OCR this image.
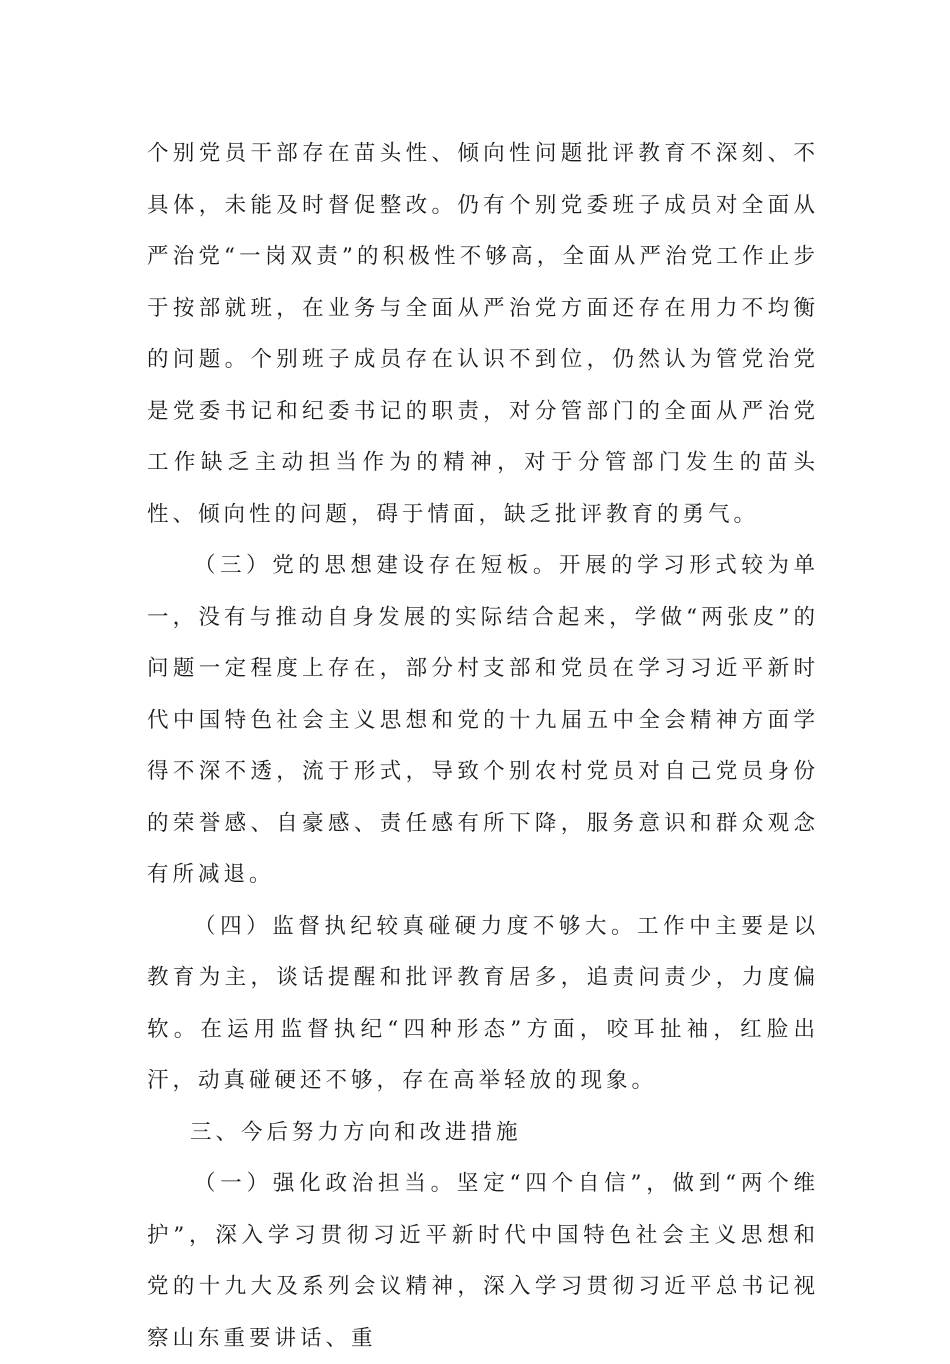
个别党员干部存在苗头性、倾向性问题批评教育不深刻、不具体，未能及时督促整改。仍有个别党委班子成员对全面从严治党“一岗双责”的积极性不够高，全面从严治党工作止步于按部就班，在业务与全面从严治党方面还存在用力不均衡的问题。个别班子成员存在认识不到位，仍然认为管党治党是党委书记和纪委书记的职责，对分管部门的全面从严治党工作缺乏主动担当作为的精神，对于分管部门发生的苗头性、倾向性的问题，碍于情面，缺乏批评教育的勇气。

（三）党的思想建设存在短板。开展的学习形式较为单一，没有与推动自身发展的实际结合起来，学做“两张皮”的问题一定程度上存在，部分村支部和党员在学习习近平新时代中国特色社会主义思想和党的十九届五中全会精神方面学得不深不透，流于形式，导致个别农村党员对自己党员身份的荣誉感、自豪感、责任感有所下降，服务意识和群众观念有所减退。

（四）监督执纪较真碰硬力度不够大。工作中主要是以教育为主，谈话提醒和批评教育居多，追责问责少，力度偏软。在运用监督执纪“四种形态”方面，咬耳扯袖，红脸出汗，动真碰硬还不够，存在高举轻放的现象。

三、今后努力方向和改进措施

（一）强化政治担当。坚定“四个自信”，做到“两个维护”，深入学习贯彻习近平新时代中国特色社会主义思想和党的十九大及系列会议精神，深入学习贯彻习近平总书记视察山东重要讲话、重
